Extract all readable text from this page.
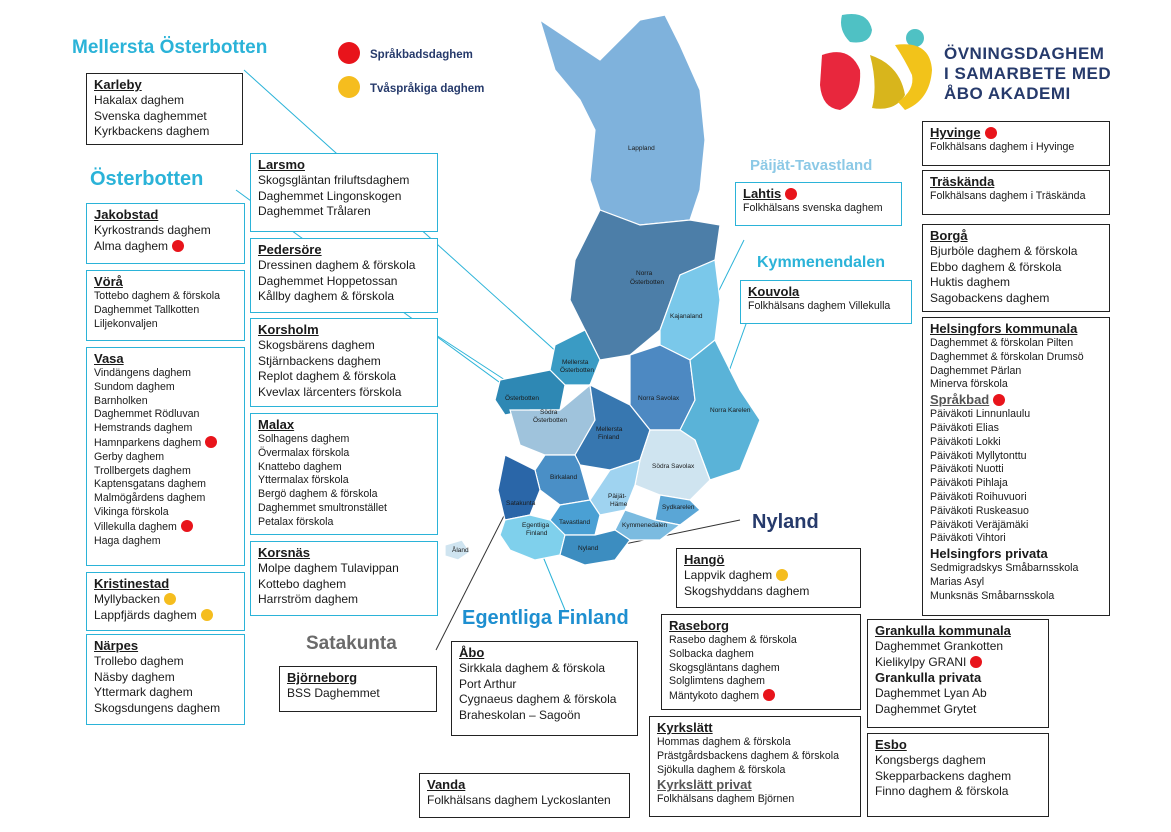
Lappland
Norra
Österbotten
Kajanaland
Mellersta
Österbotten
Österbotten
Södra
Österbotten
Norra Savolax
Norra Karelen
Mellersta
Finland
Birkaland
Södra Savolax
Satakunta
Päijät-
Häme	Sydkarelen
Tavastland	Kymmenedalen
Egentliga
Finland
Nyland
Åland
Mellersta Österbotten
Österbotten
Päijät-Tavastland
Kymmenendalen
Nyland
Egentliga Finland
Satakunta
Språkbadsdaghem
Tvåspråkiga daghem
ÖVNINGSDAGHEM
I SAMARBETE MED
ÅBO AKADEMI
Karleby
Hakalax daghem
Svenska daghemmet
Kyrkbackens daghem
Jakobstad
Kyrkostrands daghem
Alma daghem
Vörå
Tottebo daghem & förskola
Daghemmet Tallkotten
Liljekonvaljen
Vasa
Vindängens daghem
Sundom daghem
Barnholken
Daghemmet Rödluvan
Hemstrands daghem
Hamnparkens daghem
Gerby daghem
Trollbergets daghem
Kaptensgatans daghem
Malmögårdens daghem
Vikinga förskola
Villekulla daghem
Haga daghem
Kristinestad
Myllybacken
Lappfjärds daghem
Närpes
Trollebo daghem
Näsby daghem
Yttermark daghem
Skogsdungens daghem
Larsmo
Skogsgläntan friluftsdaghem
Daghemmet Lingonskogen
Daghemmet Trålaren
Pedersöre
Dressinen daghem & förskola
Daghemmet Hoppetossan
Kållby daghem & förskola
Korsholm
Skogsbärens daghem
Stjärnbackens daghem
Replot daghem & förskola
Kvevlax lärcenters förskola
Malax
Solhagens daghem
Övermalax förskola
Knattebo daghem
Yttermalax förskola
Bergö daghem & förskola
Daghemmet smultronstället
Petalax förskola
Korsnäs
Molpe daghem Tulavippan
Kottebo daghem
Harrström daghem
Björneborg
BSS Daghemmet
Åbo
Sirkkala daghem & förskola
Port Arthur
Cygnaeus daghem & förskola
Braheskolan – Sagoön
Vanda
Folkhälsans daghem Lyckoslanten
Lahtis
Folkhälsans svenska daghem
Kouvola
Folkhälsans daghem Villekulla
Hangö
Lappvik daghem
Skogshyddans daghem
Raseborg
Rasebo daghem & förskola
Solbacka daghem
Skogsgläntans daghem
Solglimtens daghem
Mäntykoto daghem
Kyrkslätt
Hommas daghem & förskola
Prästgårdsbackens daghem & förskola
Sjökulla daghem & förskola
Kyrkslätt privat
Folkhälsans daghem Björnen
Hyvinge
Folkhälsans daghem i Hyvinge
Träskända
Folkhälsans daghem i Träskända
Borgå
Bjurböle daghem & förskola
Ebbo daghem & förskola
Huktis daghem
Sagobackens daghem
Helsingfors kommunala
Daghemmet & förskolan Pilten
Daghemmet & förskolan Drumsö
Daghemmet Pärlan
Minerva förskola
Språkbad
Päiväkoti Linnunlaulu
Päiväkoti Elias
Päiväkoti Lokki
Päiväkoti Myllytonttu
Päiväkoti Nuotti
Päiväkoti Pihlaja
Päiväkoti Roihuvuori
Päiväkoti Ruskeasuo
Päiväkoti Veräjämäki
Päiväkoti Vihtori
Helsingfors privata
Sedmigradskys Småbarnsskola
Marias Asyl
Munksnäs Småbarnsskola
Grankulla kommunala
Daghemmet Grankotten
Kielikylpy GRANI
Grankulla privata
Daghemmet Lyan Ab
Daghemmet Grytet
Esbo
Kongsbergs daghem
Skepparbackens daghem
Finno daghem & förskola
